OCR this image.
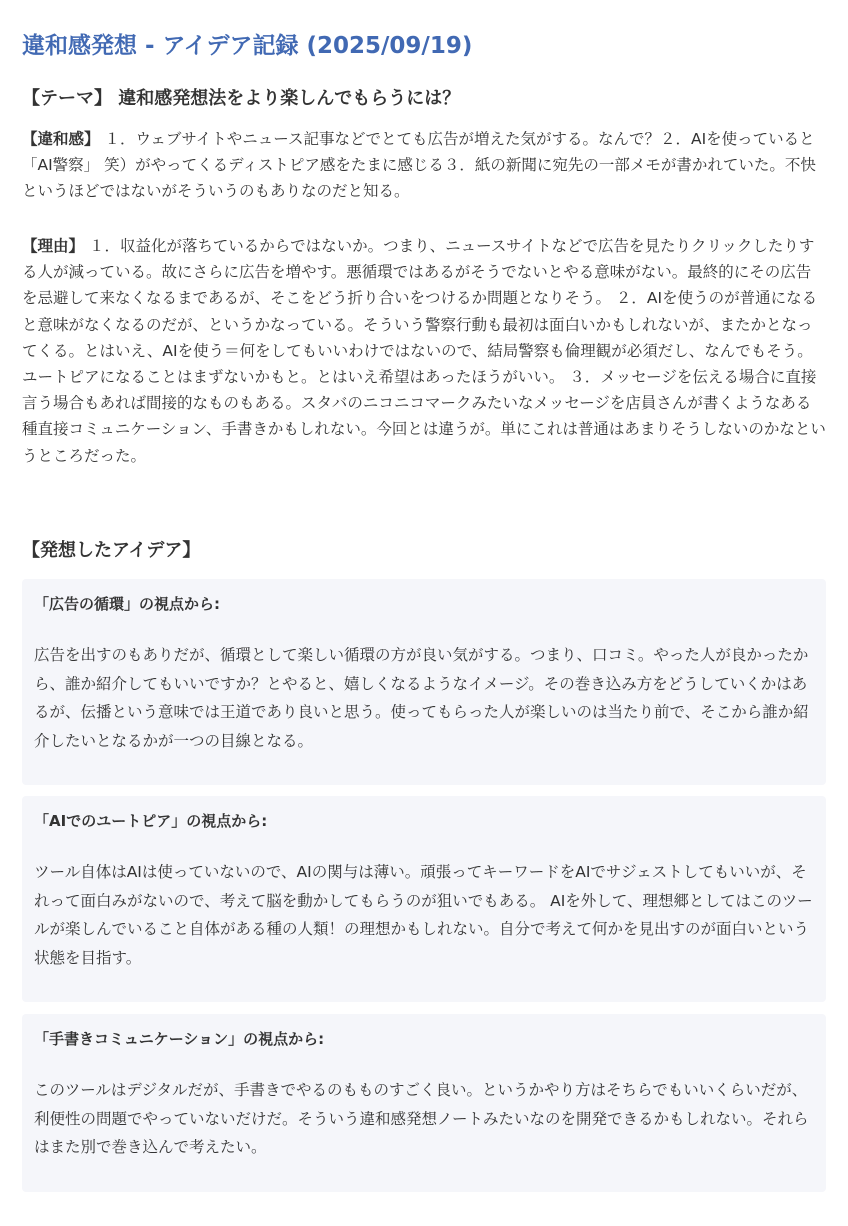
違和感発想 - アイデア記録 (2025/09/19)
【テーマ】 違和感発想法をより楽しんでもらうには？

【違和感】 １．ウェブサイトやニュース記事などでとても広告が増えた気がする。なんで？２．AIを使っていると「AI警察」 笑）がやってくるディストピア感をたまに感じる３．紙の新聞に宛先の一部メモが書かれていた。不快というほどではないがそういうのもありなのだと知る。

【理由】 １．収益化が落ちているからではないか。つまり、ニュースサイトなどで広告を見たりクリックしたりする人が減っている。故にさらに広告を増やす。悪循環ではあるがそうでないとやる意味がない。最終的にその広告を忌避して来なくなるまであるが、そこをどう折り合いをつけるか問題となりそう。 ２．AIを使うのが普通になると意味がなくなるのだが、というかなっている。そういう警察行動も最初は面白いかもしれないが、またかとなってくる。とはいえ、AIを使う＝何をしてもいいわけではないので、結局警察も倫理観が必須だし、なんでもそう。ユートピアになることはまずないかもと。とはいえ希望はあったほうがいい。 ３．メッセージを伝える場合に直接言う場合もあれば間接的なものもある。スタバのニコニコマークみたいなメッセージを店員さんが書くようなある種直接コミュニケーション、手書きかもしれない。今回とは違うが。単にこれは普通はあまりそうしないのかなというところだった。

【発想したアイデア】

「広告の循環」の視点から:

広告を出すのもありだが、循環として楽しい循環の方が良い気がする。つまり、口コミ。やった人が良かったから、誰か紹介してもいいですか？とやると、嬉しくなるようなイメージ。その巻き込み方をどうしていくかはあるが、伝播という意味では王道であり良いと思う。使ってもらった人が楽しいのは当たり前で、そこから誰か紹介したいとなるかが一つの目線となる。

「AIでのユートピア」の視点から:

ツール自体はAIは使っていないので、AIの関与は薄い。頑張ってキーワードをAIでサジェストしてもいいが、それって面白みがないので、考えて脳を動かしてもらうのが狙いでもある。 AIを外して、理想郷としてはこのツールが楽しんでいること自体がある種の人類！の理想かもしれない。自分で考えて何かを見出すのが面白いという状態を目指す。

「手書きコミュニケーション」の視点から:

このツールはデジタルだが、手書きでやるのもものすごく良い。というかやり方はそちらでもいいくらいだが、利便性の問題でやっていないだけだ。そういう違和感発想ノートみたいなのを開発できるかもしれない。それらはまた別で巻き込んで考えたい。
